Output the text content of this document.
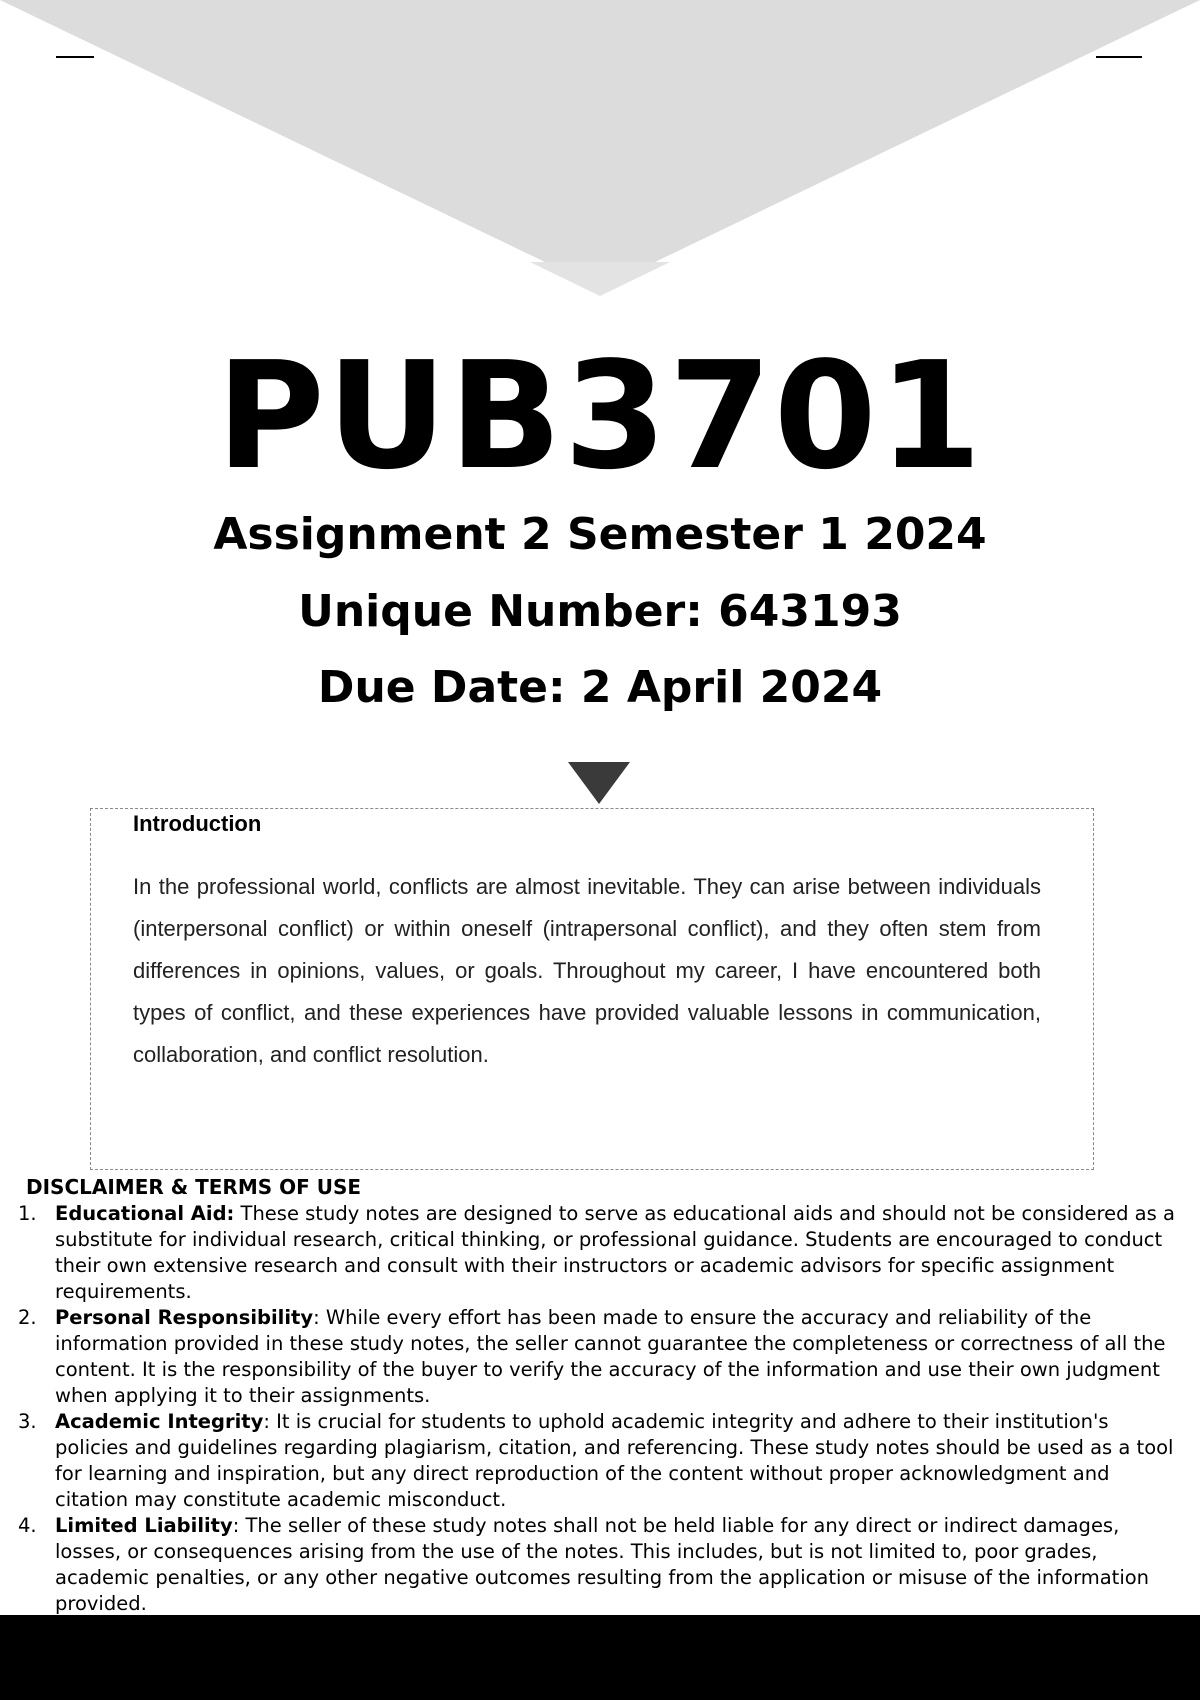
PUB3701
Assignment 2 Semester 1 2024
Unique Number: 643193
Due Date: 2 April 2024
Introduction
In the professional world, conflicts are almost inevitable. They can arise between individuals (interpersonal conflict) or within oneself (intrapersonal conflict), and they often stem from differences in opinions, values, or goals. Throughout my career, I have encountered both types of conflict, and these experiences have provided valuable lessons in communication, collaboration, and conflict resolution.
DISCLAIMER & TERMS OF USE
1. Educational Aid: These study notes are designed to serve as educational aids and should not be considered as a substitute for individual research, critical thinking, or professional guidance. Students are encouraged to conduct their own extensive research and consult with their instructors or academic advisors for specific assignment requirements.
2. Personal Responsibility: While every effort has been made to ensure the accuracy and reliability of the information provided in these study notes, the seller cannot guarantee the completeness or correctness of all the content. It is the responsibility of the buyer to verify the accuracy of the information and use their own judgment when applying it to their assignments.
3. Academic Integrity: It is crucial for students to uphold academic integrity and adhere to their institution's policies and guidelines regarding plagiarism, citation, and referencing. These study notes should be used as a tool for learning and inspiration, but any direct reproduction of the content without proper acknowledgment and citation may constitute academic misconduct.
4. Limited Liability: The seller of these study notes shall not be held liable for any direct or indirect damages, losses, or consequences arising from the use of the notes. This includes, but is not limited to, poor grades, academic penalties, or any other negative outcomes resulting from the application or misuse of the information provided.
